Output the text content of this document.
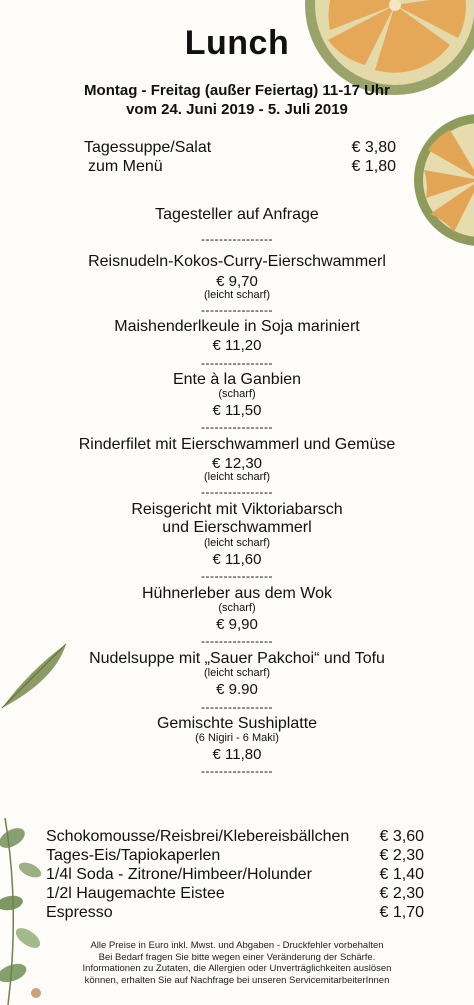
Lunch
Montag - Freitag (außer Feiertag) 11-17 Uhr
vom 24. Juni 2019 - 5. Juli 2019
Tagessuppe/Salat	€ 3,80
zum Menü	€ 1,80
Tagesteller auf Anfrage
----------------
Reisnudeln-Kokos-Curry-Eierschwammerl
€ 9,70
(leicht scharf)
----------------
Maishenderlkeule in Soja mariniert
€ 11,20
----------------
Ente à la Ganbien
(scharf)
€ 11,50
----------------
Rinderfilet mit Eierschwammerl und Gemüse
€ 12,30
(leicht scharf)
----------------
Reisgericht mit Viktoriabarsch
und Eierschwammerl
(leicht scharf)
€ 11,60
----------------
Hühnerleber aus dem Wok
(scharf)
€ 9,90
----------------
Nudelsuppe mit „Sauer Pakchoi“ und Tofu
(leicht scharf)
€ 9.90
----------------
Gemischte Sushiplatte
(6 Nigiri - 6 Maki)
€ 11,80
----------------
Schokomousse/Reisbrei/Klebereisbällchen € 3,60
Tages-Eis/Tapiokaperlen	€ 2,30
1/4l Soda - Zitrone/Himbeer/Holunder	€ 1,40
1/2l Haugemachte Eistee	€ 2,30
Espresso	€ 1,70
Alle Preise in Euro inkl. Mwst. und Abgaben - Druckfehler vorbehalten
Bei Bedarf fragen Sie bitte wegen einer Veränderung der Schärfe.
Informationen zu Zutaten, die Allergien oder Unverträglichkeiten auslösen
können, erhalten Sie auf Nachfrage bei unseren ServicemitarbeiterInnen
